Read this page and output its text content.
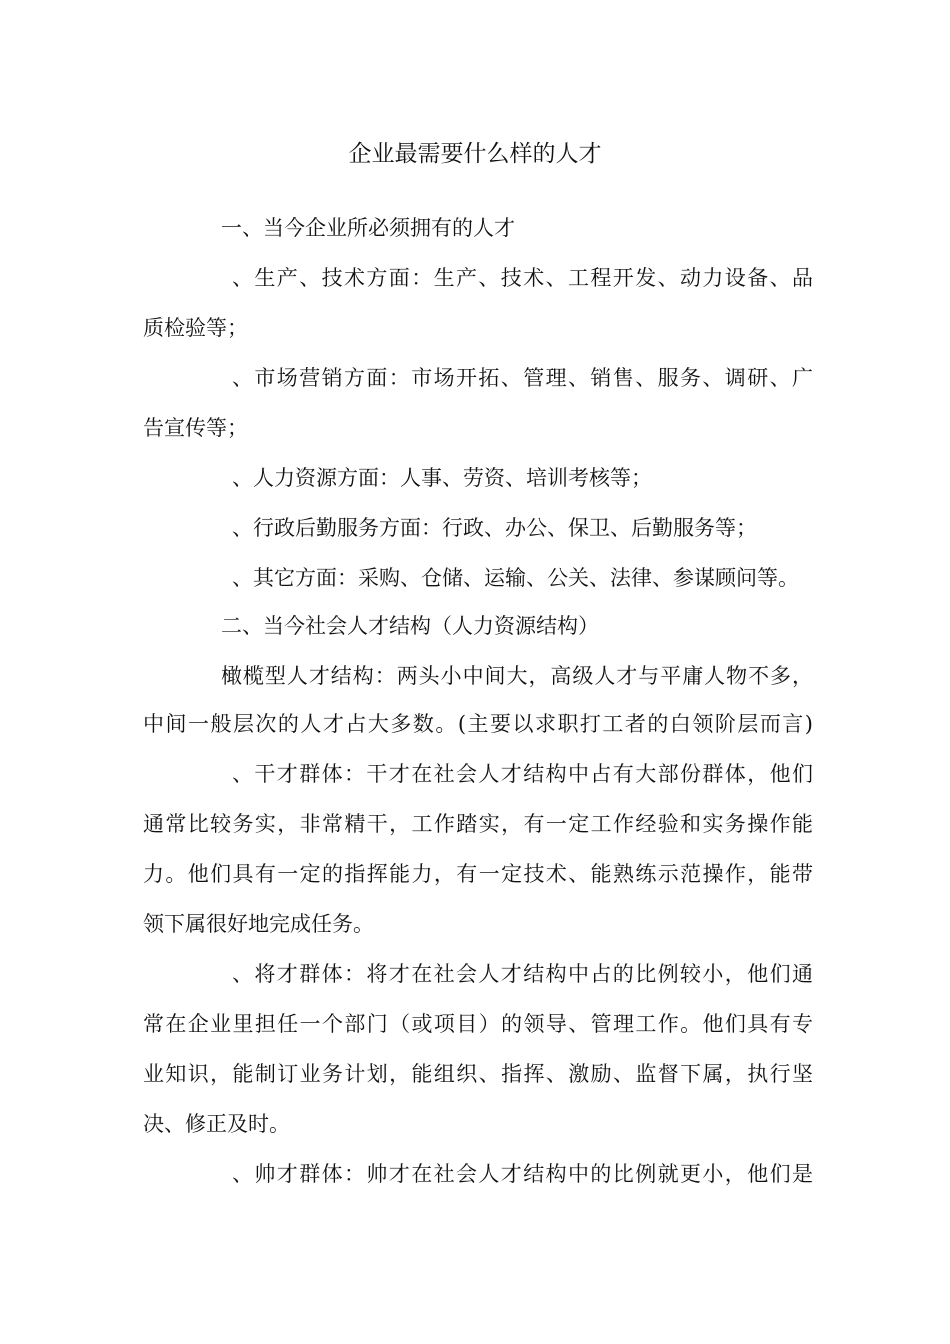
企业最需要什么样的人才
一、当今企业所必须拥有的人才
、生产、技术方面：生产、技术、工程开发、动力设备、品
质检验等；
、市场营销方面：市场开拓、管理、销售、服务、调研、广
告宣传等；
、人力资源方面：人事、劳资、培训考核等；
、行政后勤服务方面：行政、办公、保卫、后勤服务等；
、其它方面：采购、仓储、运输、公关、法律、参谋顾问等。
二、当今社会人才结构（人力资源结构）
橄榄型人才结构：两头小中间大，高级人才与平庸人物不多，
中间一般层次的人才占大多数。(主要以求职打工者的白领阶层而言)
、干才群体：干才在社会人才结构中占有大部份群体，他们
通常比较务实，非常精干，工作踏实，有一定工作经验和实务操作能
力。他们具有一定的指挥能力，有一定技术、能熟练示范操作，能带
领下属很好地完成任务。
、将才群体：将才在社会人才结构中占的比例较小，他们通
常在企业里担任一个部门（或项目）的领导、管理工作。他们具有专
业知识，能制订业务计划，能组织、指挥、激励、监督下属，执行坚
决、修正及时。
、帅才群体：帅才在社会人才结构中的比例就更小，他们是
